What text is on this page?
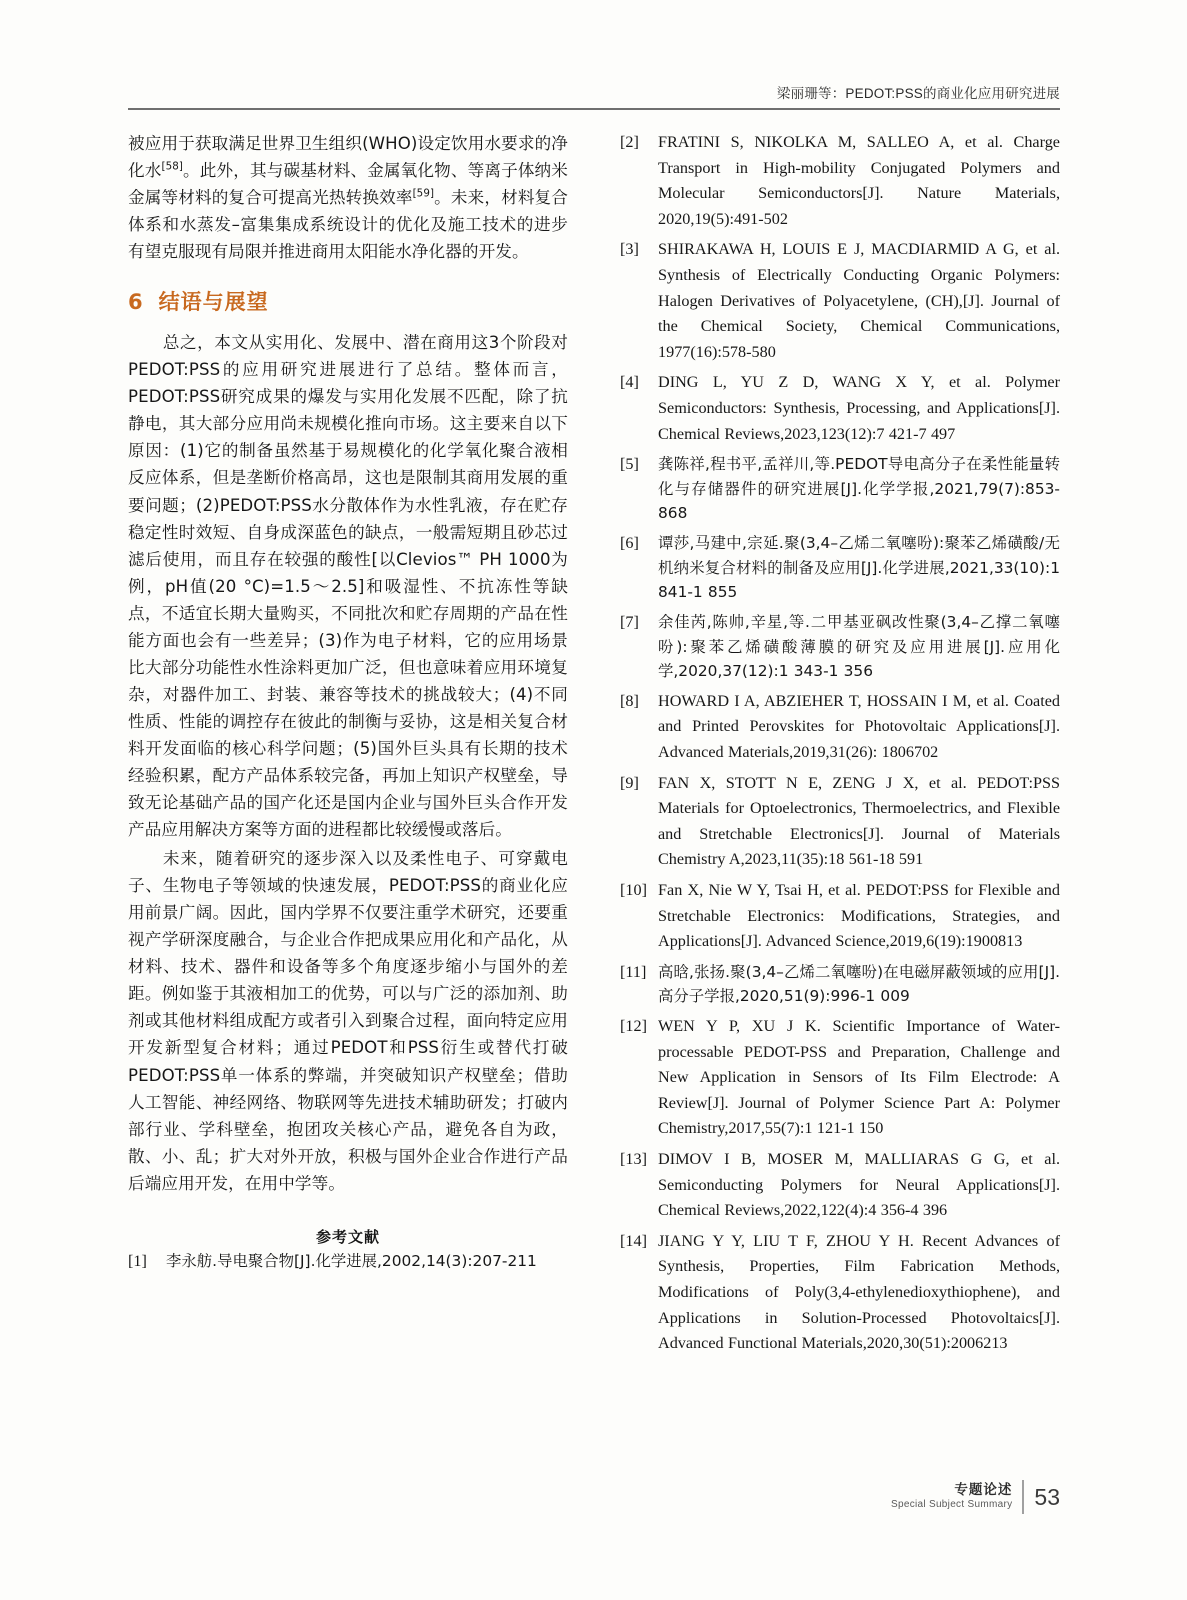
梁丽珊等：PEDOT:PSS的商业化应用研究进展

被应用于获取满足世界卫生组织(WHO)设定饮用水要求的净化水[58]。此外，其与碳基材料、金属氧化物、等离子体纳米金属等材料的复合可提高光热转换效率[59]。未来，材料复合体系和水蒸发–富集集成系统设计的优化及施工技术的进步有望克服现有局限并推进商用太阳能水净化器的开发。

6 结语与展望

总之，本文从实用化、发展中、潜在商用这3个阶段对PEDOT:PSS的应用研究进展进行了总结。整体而言，PEDOT:PSS研究成果的爆发与实用化发展不匹配，除了抗静电，其大部分应用尚未规模化推向市场。这主要来自以下原因：(1)它的制备虽然基于易规模化的化学氧化聚合液相反应体系，但是垄断价格高昂，这也是限制其商用发展的重要问题；(2)PEDOT:PSS水分散体作为水性乳液，存在贮存稳定性时效短、自身成深蓝色的缺点，一般需短期且砂芯过滤后使用，而且存在较强的酸性[以Clevios™ PH 1000为例，pH值(20 °C)=1.5～2.5]和吸湿性、不抗冻性等缺点，不适宜长期大量购买，不同批次和贮存周期的产品在性能方面也会有一些差异；(3)作为电子材料，它的应用场景比大部分功能性水性涂料更加广泛，但也意味着应用环境复杂，对器件加工、封装、兼容等技术的挑战较大；(4)不同性质、性能的调控存在彼此的制衡与妥协，这是相关复合材料开发面临的核心科学问题；(5)国外巨头具有长期的技术经验积累，配方产品体系较完备，再加上知识产权壁垒，导致无论基础产品的国产化还是国内企业与国外巨头合作开发产品应用解决方案等方面的进程都比较缓慢或落后。

未来，随着研究的逐步深入以及柔性电子、可穿戴电子、生物电子等领域的快速发展，PEDOT:PSS的商业化应用前景广阔。因此，国内学界不仅要注重学术研究，还要重视产学研深度融合，与企业合作把成果应用化和产品化，从材料、技术、器件和设备等多个角度逐步缩小与国外的差距。例如鉴于其液相加工的优势，可以与广泛的添加剂、助剂或其他材料组成配方或者引入到聚合过程，面向特定应用开发新型复合材料；通过PEDOT和PSS衍生或替代打破PEDOT:PSS单一体系的弊端，并突破知识产权壁垒；借助人工智能、神经网络、物联网等先进技术辅助研发；打破内部行业、学科壁垒，抱团攻关核心产品，避免各自为政，散、小、乱；扩大对外开放，积极与国外企业合作进行产品后端应用开发，在用中学等。

参考文献
[1]	李永舫.导电聚合物[J].化学进展,2002,14(3):207-211
[2]	FRATINI S, NIKOLKA M, SALLEO A, et al. Charge Transport in High-mobility Conjugated Polymers and Molecular Semiconductors[J]. Nature Materials, 2020,19(5):491-502
[3]	SHIRAKAWA H, LOUIS E J, MACDIARMID A G, et al. Synthesis of Electrically Conducting Organic Polymers: Halogen Derivatives of Polyacetylene, (CH),[J]. Journal of the Chemical Society, Chemical Communications, 1977(16):578-580
[4]	DING L, YU Z D, WANG X Y, et al. Polymer Semiconductors: Synthesis, Processing, and Applications[J]. Chemical Reviews,2023,123(12):7 421-7 497
[5]	龚陈祥,程书平,孟祥川,等.PEDOT导电高分子在柔性能量转化与存储器件的研究进展[J].化学学报,2021,79(7):853-868
[6]	谭莎,马建中,宗延.聚(3,4–乙烯二氧噻吩):聚苯乙烯磺酸/无机纳米复合材料的制备及应用[J].化学进展,2021,33(10):1 841-1 855
[7]	余佳芮,陈帅,辛星,等.二甲基亚砜改性聚(3,4–乙撑二氧噻吩):聚苯乙烯磺酸薄膜的研究及应用进展[J].应用化学,2020,37(12):1 343-1 356
[8]	HOWARD I A, ABZIEHER T, HOSSAIN I M, et al. Coated and Printed Perovskites for Photovoltaic Applications[J]. Advanced Materials,2019,31(26): 1806702
[9]	FAN X, STOTT N E, ZENG J X, et al. PEDOT:PSS Materials for Optoelectronics, Thermoelectrics, and Flexible and Stretchable Electronics[J]. Journal of Materials Chemistry A,2023,11(35):18 561-18 591
[10] Fan X, Nie W Y, Tsai H, et al. PEDOT:PSS for Flexible and Stretchable Electronics: Modifications, Strategies, and Applications[J]. Advanced Science,2019,6(19):1900813
[11] 高晗,张扬.聚(3,4–乙烯二氧噻吩)在电磁屏蔽领域的应用[J].高分子学报,2020,51(9):996-1 009
[12] WEN Y P, XU J K. Scientific Importance of Water-processable PEDOT-PSS and Preparation, Challenge and New Application in Sensors of Its Film Electrode: A Review[J]. Journal of Polymer Science Part A: Polymer Chemistry,2017,55(7):1 121-1 150
[13] DIMOV I B, MOSER M, MALLIARAS G G, et al. Semiconducting Polymers for Neural Applications[J]. Chemical Reviews,2022,122(4):4 356-4 396
[14] JIANG Y Y, LIU T F, ZHOU Y H. Recent Advances of Synthesis, Properties, Film Fabrication Methods, Modifications of Poly(3,4-ethylenedioxythiophene), and Applications in Solution-Processed Photovoltaics[J]. Advanced Functional Materials,2020,30(51):2006213
专题论述
Special Subject Summary 53
